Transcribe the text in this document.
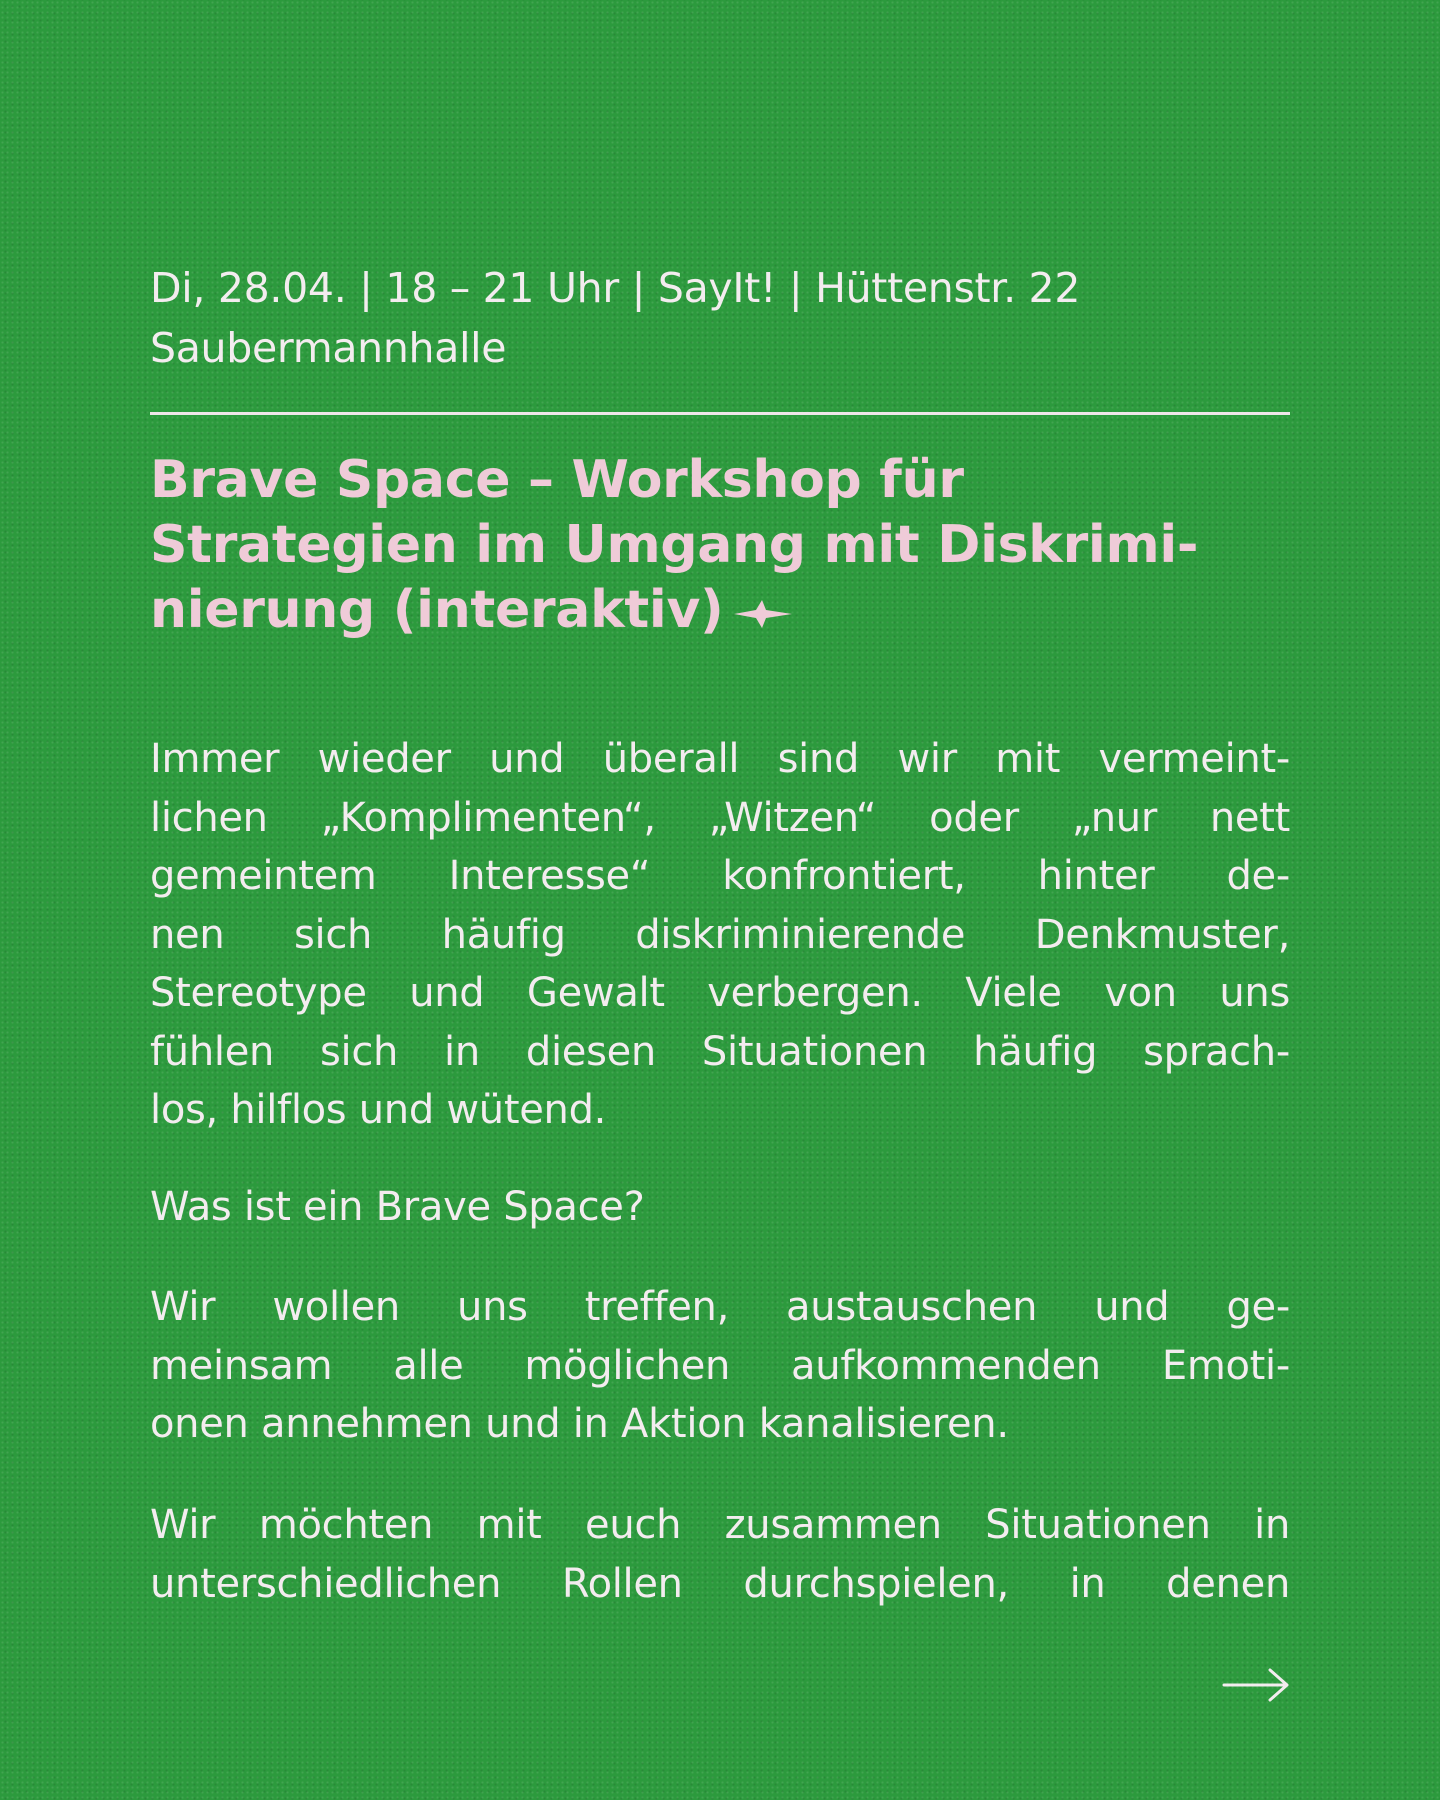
Di, 28.04. | 18 – 21 Uhr | SayIt! | Hüttenstr. 22
Saubermannhalle
Brave Space – Workshop für
Strategien im Umgang mit Diskrimi-
nierung (interaktiv)
Immer wieder und überall sind wir mit vermeint-
lichen „Komplimenten“, „Witzen“ oder „nur nett
gemeintem Interesse“ konfrontiert, hinter de-
nen sich häufig diskriminierende Denkmuster,
Stereotype und Gewalt verbergen. Viele von uns
fühlen sich in diesen Situationen häufig sprach-
los, hilflos und wütend.
Was ist ein Brave Space?
Wir wollen uns treffen, austauschen und ge-
meinsam alle möglichen aufkommenden Emoti-
onen annehmen und in Aktion kanalisieren.
Wir möchten mit euch zusammen Situationen in
unterschiedlichen Rollen durchspielen, in denen
